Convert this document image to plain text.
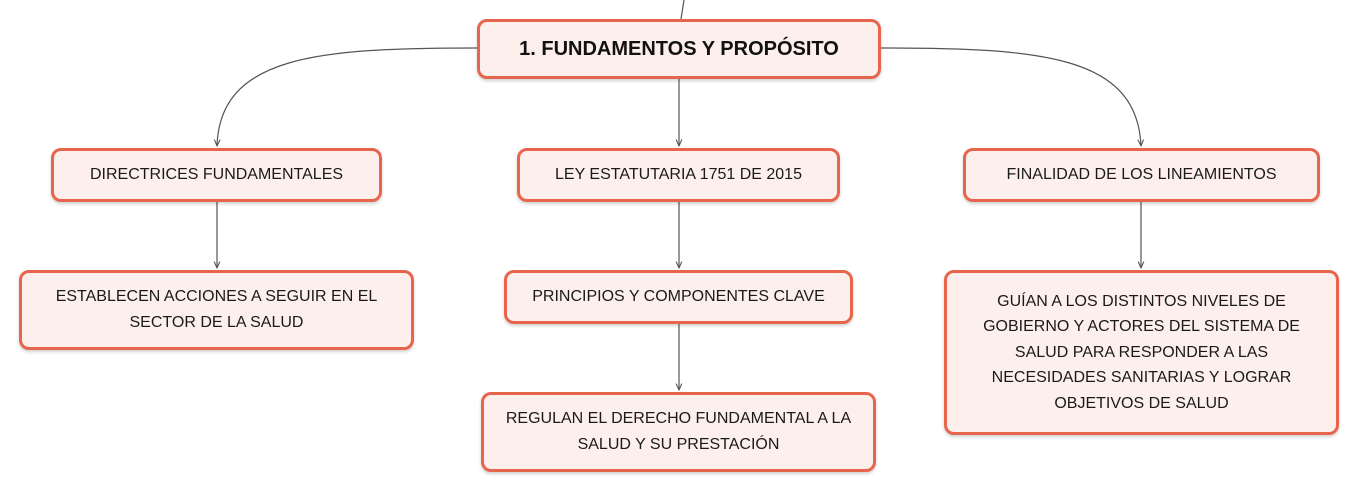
1. FUNDAMENTOS Y PROPÓSITO
DIRECTRICES FUNDAMENTALES	LEY ESTATUTARIA 1751 DE 2015	FINALIDAD DE LOS LINEAMIENTOS
ESTABLECEN ACCIONES A SEGUIR EN EL SECTOR DE LA SALUD
PRINCIPIOS Y COMPONENTES CLAVE
REGULAN EL DERECHO FUNDAMENTAL A LA SALUD Y SU PRESTACIÓN
GUÍAN A LOS DISTINTOS NIVELES DE GOBIERNO Y ACTORES DEL SISTEMA DE SALUD PARA RESPONDER A LAS NECESIDADES SANITARIAS Y LOGRAR OBJETIVOS DE SALUD
